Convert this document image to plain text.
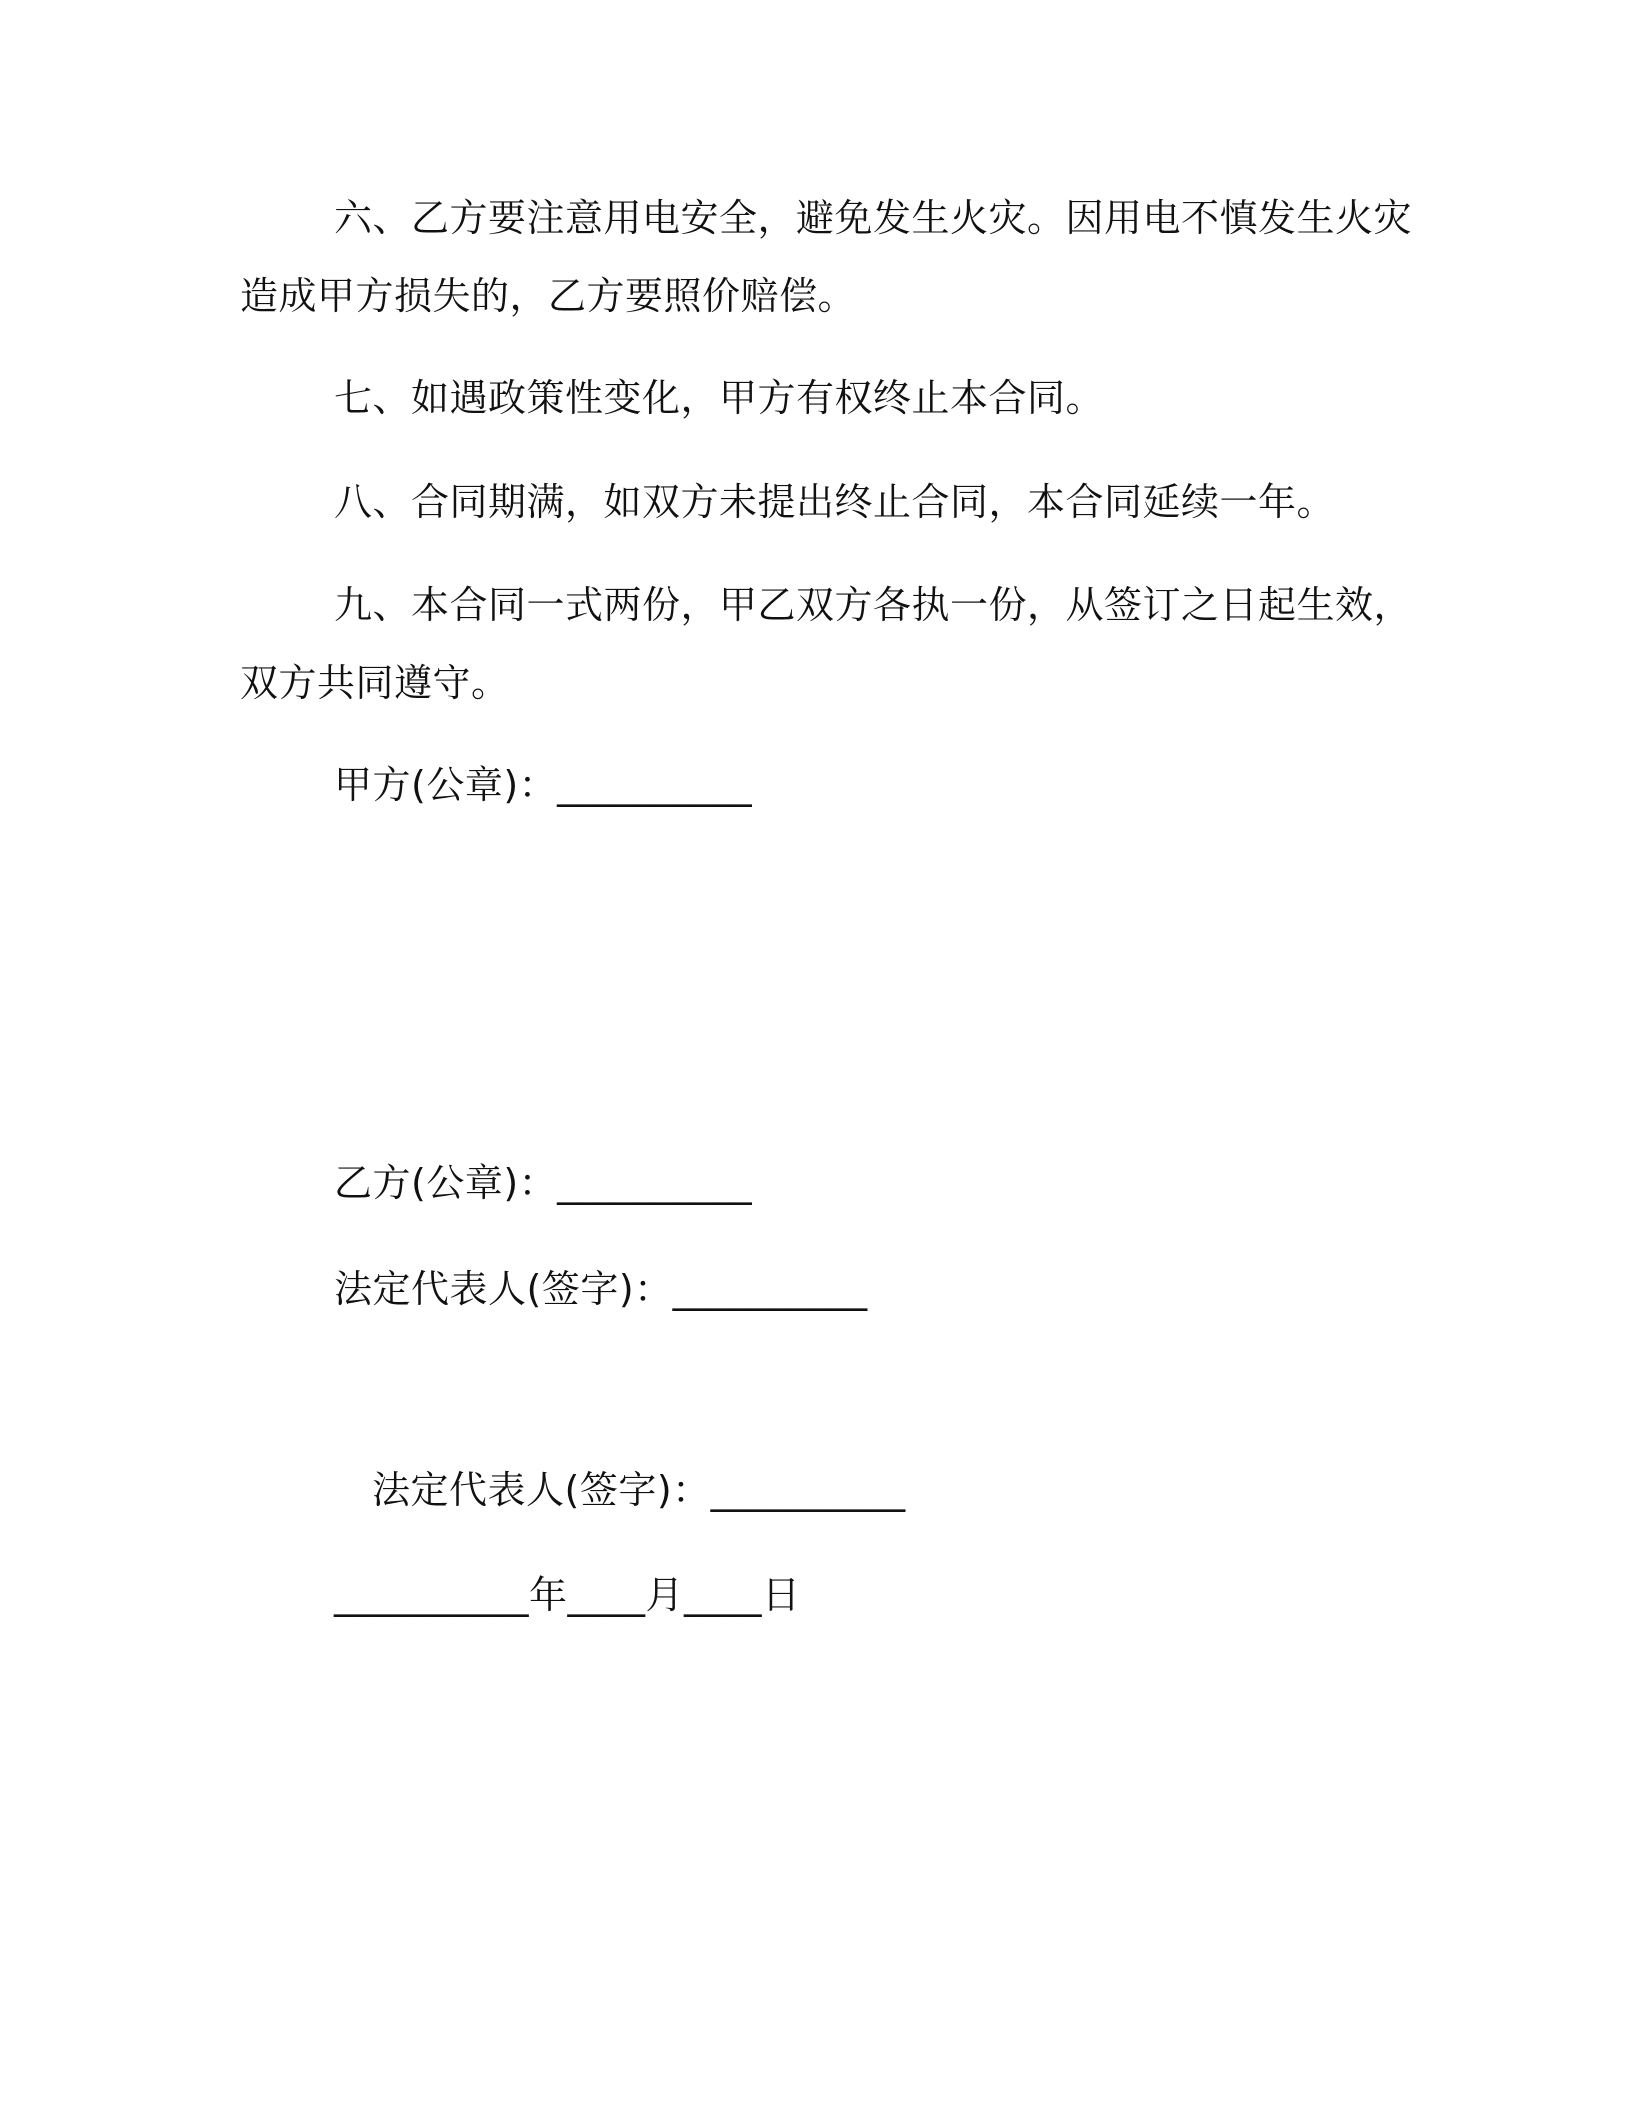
六、乙方要注意用电安全，避免发生火灾。因用电不慎发生火灾
造成甲方损失的，乙方要照价赔偿。
七、如遇政策性变化，甲方有权终止本合同。
八、合同期满，如双方未提出终止合同，本合同延续一年。
九、本合同一式两份，甲乙双方各执一份，从签订之日起生效，
双方共同遵守。
甲方(公章)：__________
乙方(公章)：__________
法定代表人(签字)：__________
法定代表人(签字)：__________
__________年____月____日
